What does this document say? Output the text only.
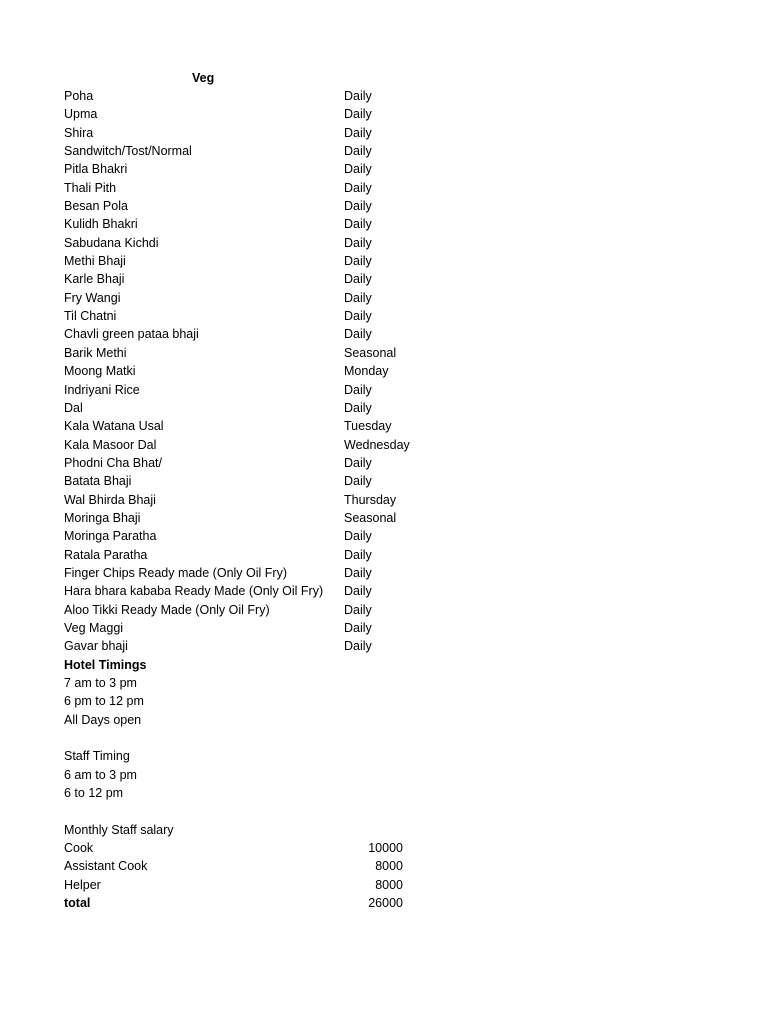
Veg
Poha	Daily
Upma	Daily
Shira	Daily
Sandwitch/Tost/Normal	Daily
Pitla Bhakri	Daily
Thali Pith	Daily
Besan Pola	Daily
Kulidh Bhakri	Daily
Sabudana Kichdi	Daily
Methi Bhaji	Daily
Karle Bhaji	Daily
Fry Wangi	Daily
Til Chatni	Daily
Chavli green pataa bhaji	Daily
Barik Methi	Seasonal
Moong Matki	Monday
Indriyani Rice	Daily
Dal	Daily
Kala Watana Usal	Tuesday
Kala Masoor Dal	Wednesday
Phodni Cha Bhat/	Daily
Batata Bhaji	Daily
Wal Bhirda Bhaji	Thursday
Moringa Bhaji	Seasonal
Moringa Paratha	Daily
Ratala Paratha	Daily
Finger Chips Ready made (Only Oil Fry)	Daily
Hara bhara kababa Ready Made (Only Oil Fry) Daily
Aloo Tikki Ready Made (Only Oil Fry)	Daily
Veg Maggi	Daily
Gavar bhaji	Daily
Hotel Timings
7 am to 3 pm
6 pm to 12 pm
All Days open
Staff Timing
6 am to 3 pm
6 to 12 pm
Monthly Staff salary
Cook	10000
Assistant Cook	8000
Helper	8000
total	26000
